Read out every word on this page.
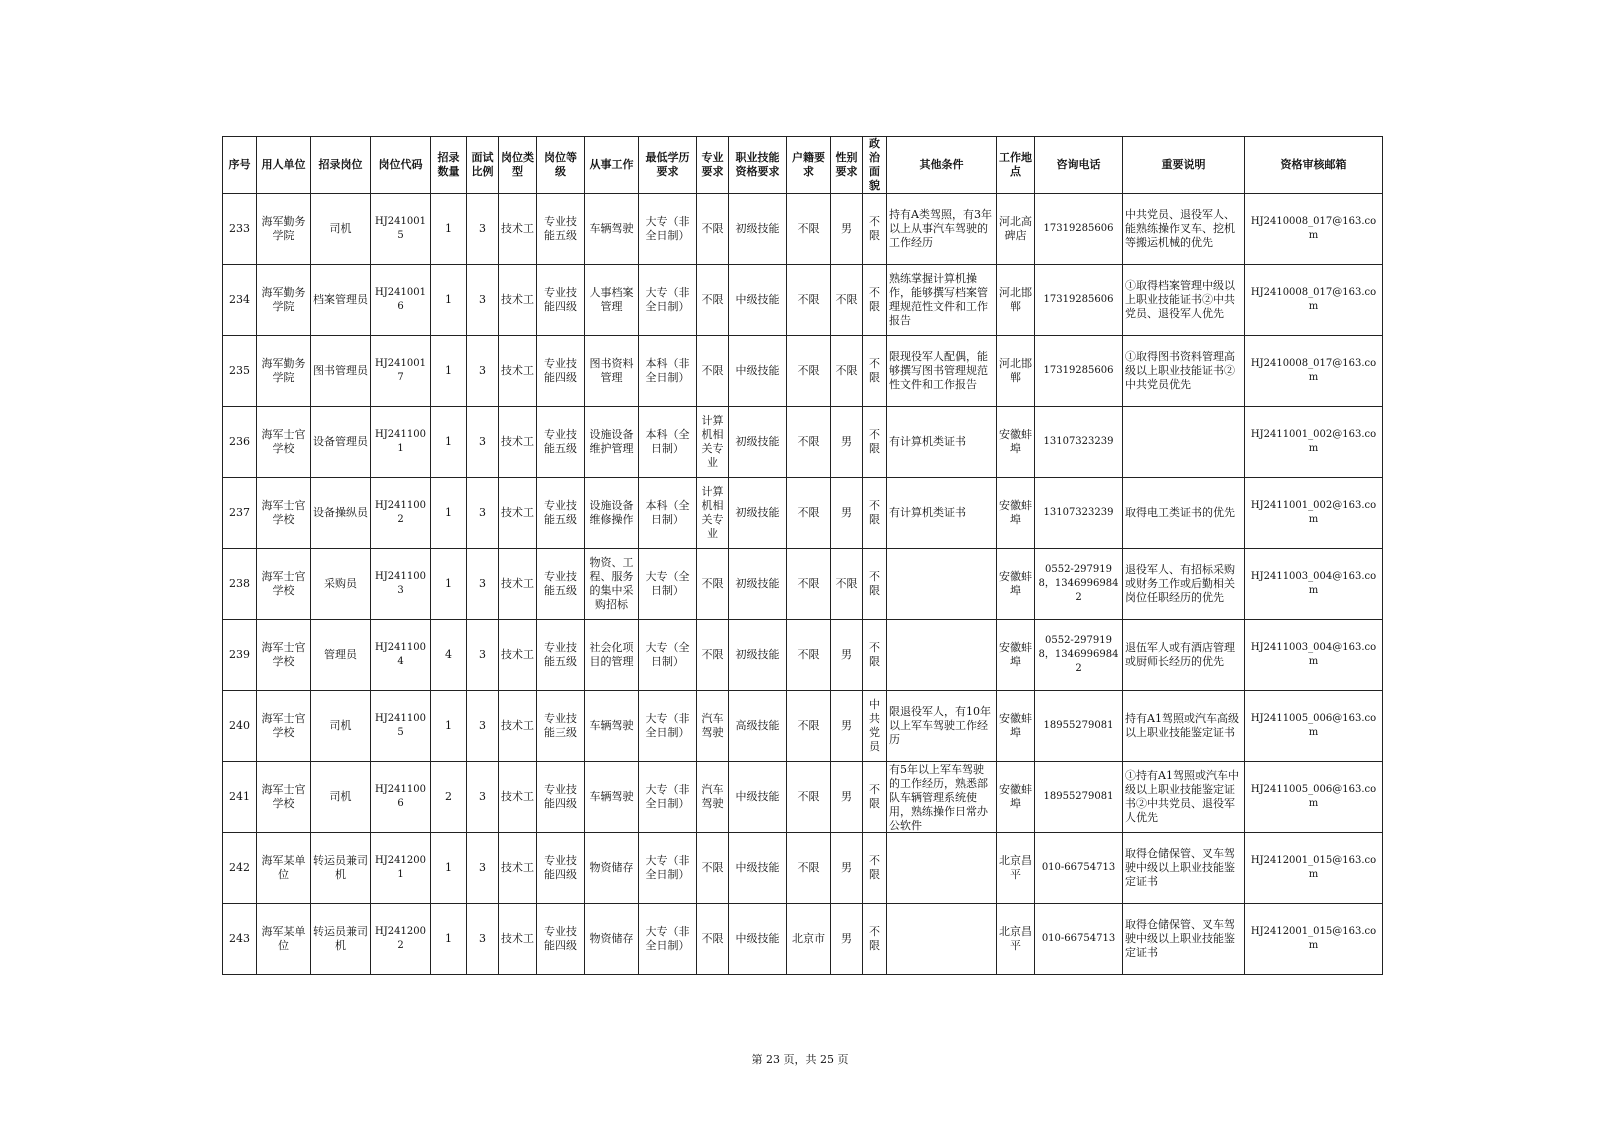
序号	用人单位	招录岗位	岗位代码	招录数量	面试比例	岗位类型	岗位等级	从事工作	最低学历要求	专业要求	职业技能资格要求	户籍要求	性别要求	政治面貌	其他条件	工作地点	咨询电话	重要说明	资格审核邮箱

233	海军勤务学院	司机	HJ2410015	1	3	技术工	专业技能五级	车辆驾驶	大专（非全日制）	不限	初级技能	不限	男	不限	持有A类驾照，有3年以上从事汽车驾驶的工作经历	河北高碑店	17319285606	中共党员、退役军人、能熟练操作叉车、挖机等搬运机械的优先	HJ2410008_017@163.com

234	海军勤务学院	档案管理员	HJ2410016	1	3	技术工	专业技能四级	人事档案管理	大专（非全日制）	不限	中级技能	不限	不限	不限	熟练掌握计算机操作，能够撰写档案管理规范性文件和工作报告	河北邯郸	17319285606	①取得档案管理中级以上职业技能证书②中共党员、退役军人优先	HJ2410008_017@163.com

235	海军勤务学院	图书管理员	HJ2410017	1	3	技术工	专业技能四级	图书资料管理	本科（非全日制）	不限	中级技能	不限	不限	不限	限现役军人配偶，能够撰写图书管理规范性文件和工作报告	河北邯郸	17319285606	①取得图书资料管理高级以上职业技能证书②中共党员优先	HJ2410008_017@163.com

236	海军士官学校	设备管理员	HJ2411001	1	3	技术工	专业技能五级	设施设备维护管理	本科（全日制）	计算机相关专业	初级技能	不限	男	不限	有计算机类证书	安徽蚌埠	13107323239		HJ2411001_002@163.com

237	海军士官学校	设备操纵员	HJ2411002	1	3	技术工	专业技能五级	设施设备维修操作	本科（全日制）	计算机相关专业	初级技能	不限	男	不限	有计算机类证书	安徽蚌埠	13107323239	取得电工类证书的优先	HJ2411001_002@163.com

238	海军士官学校	采购员	HJ2411003	1	3	技术工	专业技能五级	物资、工程、服务的集中采购招标	大专（全日制）	不限	初级技能	不限	不限	不限		安徽蚌埠	0552-2979198，13469969842	退役军人、有招标采购或财务工作或后勤相关岗位任职经历的优先	HJ2411003_004@163.com

239	海军士官学校	管理员	HJ2411004	4	3	技术工	专业技能五级	社会化项目的管理	大专（全日制）	不限	初级技能	不限	男	不限		安徽蚌埠	0552-2979198，13469969842	退伍军人或有酒店管理或厨师长经历的优先	HJ2411003_004@163.com

240	海军士官学校	司机	HJ2411005	1	3	技术工	专业技能三级	车辆驾驶	大专（非全日制）	汽车驾驶	高级技能	不限	男	中共党员	限退役军人，有10年以上军车驾驶工作经历	安徽蚌埠	18955279081	持有A1驾照或汽车高级以上职业技能鉴定证书	HJ2411005_006@163.com

241	海军士官学校	司机	HJ2411006	2	3	技术工	专业技能四级	车辆驾驶	大专（非全日制）	汽车驾驶	中级技能	不限	男	不限	有5年以上军车驾驶的工作经历，熟悉部队车辆管理系统使用，熟练操作日常办公软件	安徽蚌埠	18955279081	①持有A1驾照或汽车中级以上职业技能鉴定证书②中共党员、退役军人优先	HJ2411005_006@163.com

242	海军某单位	转运员兼司机	HJ2412001	1	3	技术工	专业技能四级	物资储存	大专（非全日制）	不限	中级技能	不限	男	不限		北京昌平	010-66754713	取得仓储保管、叉车驾驶中级以上职业技能鉴定证书	HJ2412001_015@163.com

243	海军某单位	转运员兼司机	HJ2412002	1	3	技术工	专业技能四级	物资储存	大专（非全日制）	不限	中级技能	北京市	男	不限		北京昌平	010-66754713	取得仓储保管、叉车驾驶中级以上职业技能鉴定证书	HJ2412001_015@163.com
第 23 页，共 25 页
